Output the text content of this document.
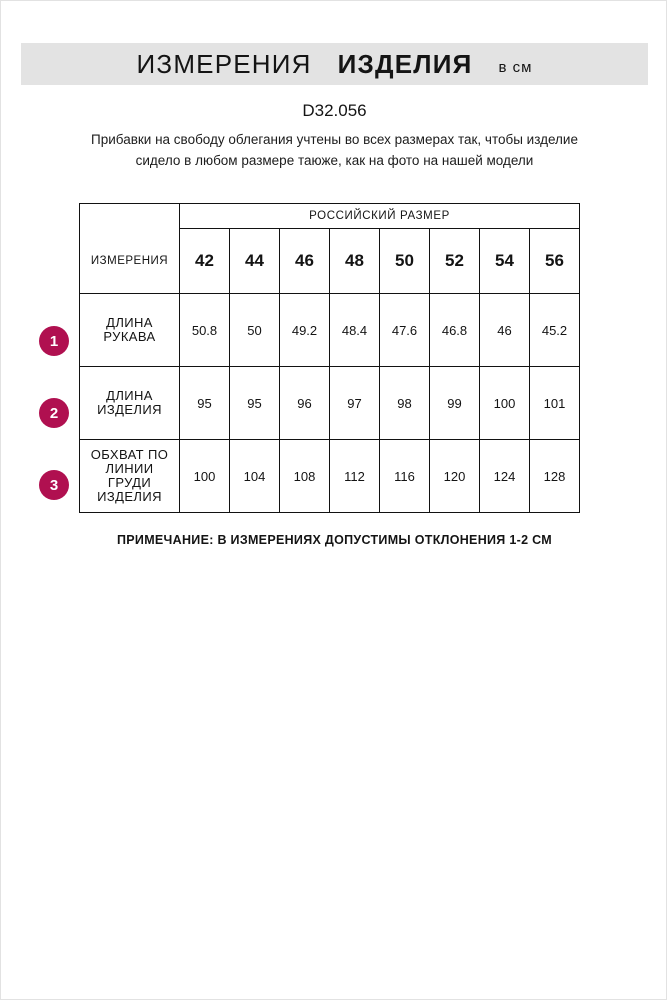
ИЗМЕРЕНИЯ ИЗДЕЛИЯ в см
D32.056
Прибавки на свободу облегания учтены во всех размерах так, чтобы изделие сидело в любом размере таюже, как на фото на нашей модели
1
2
3
	РОССИЙСКИЙ РАЗМЕР							
ИЗМЕРЕНИЯ	42	44	46	48	50	52	54	56
ДЛИНА РУКАВА	50.8	50	49.2	48.4	47.6	46.8	46	45.2
ДЛИНА ИЗДЕЛИЯ	95	95	96	97	98	99	100	101
ОБХВАТ ПО ЛИНИИ ГРУДИ ИЗДЕЛИЯ	100	104	108	112	116	120	124	128
ПРИМЕЧАНИЕ: В ИЗМЕРЕНИЯХ ДОПУСТИМЫ ОТКЛОНЕНИЯ 1-2 СМ
